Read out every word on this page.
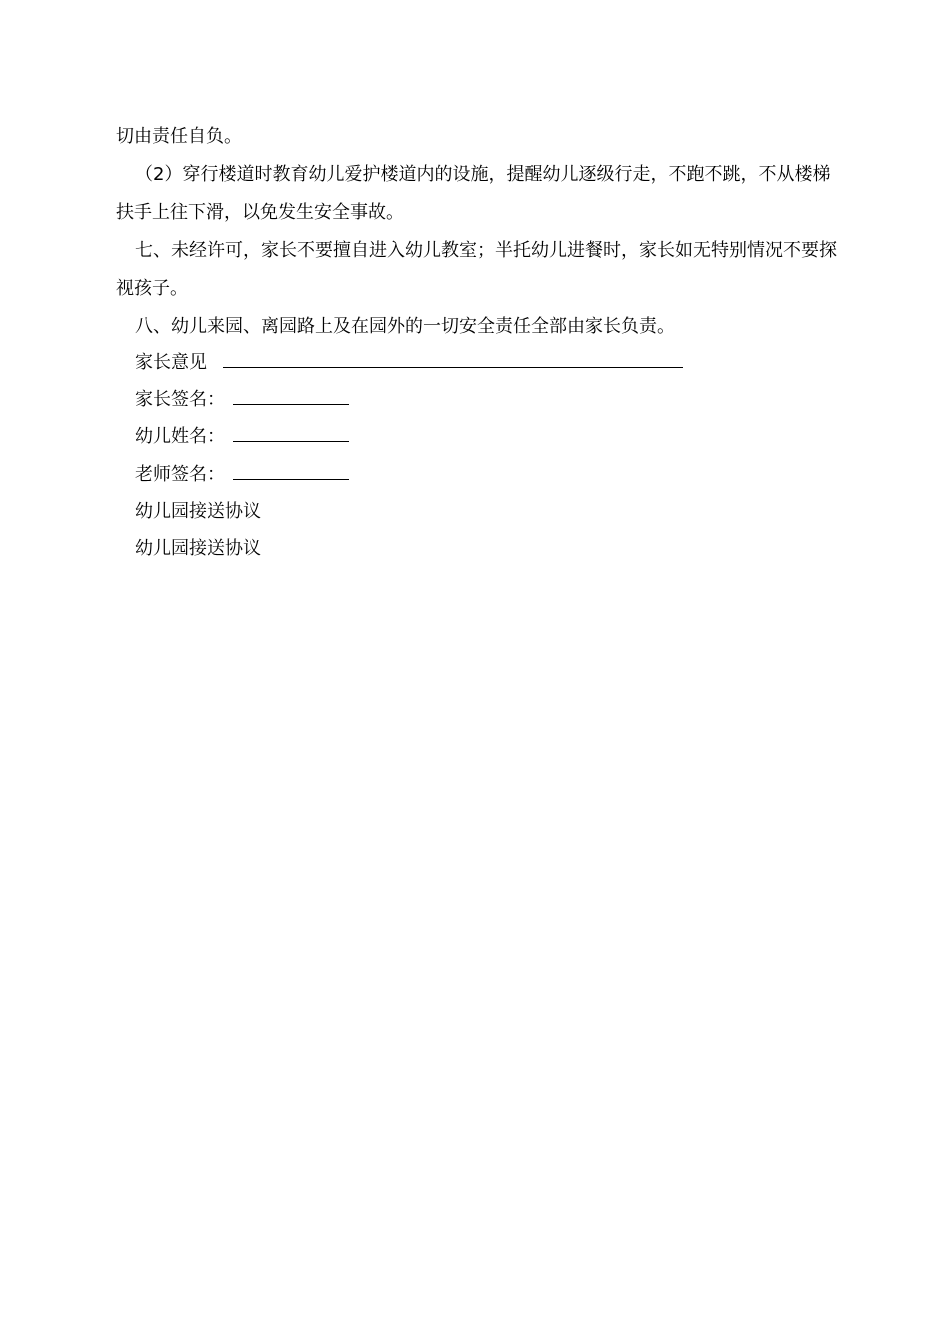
切由责任自负。
（2）穿行楼道时教育幼儿爱护楼道内的设施，提醒幼儿逐级行走，不跑不跳，不从楼梯扶手上往下滑，以免发生安全事故。
七、未经许可，家长不要擅自进入幼儿教室；半托幼儿进餐时，家长如无特别情况不要探视孩子。
八、幼儿来园、离园路上及在园外的一切安全责任全部由家长负责。
家长意见
家长签名：
幼儿姓名：
老师签名：
幼儿园接送协议
幼儿园接送协议
